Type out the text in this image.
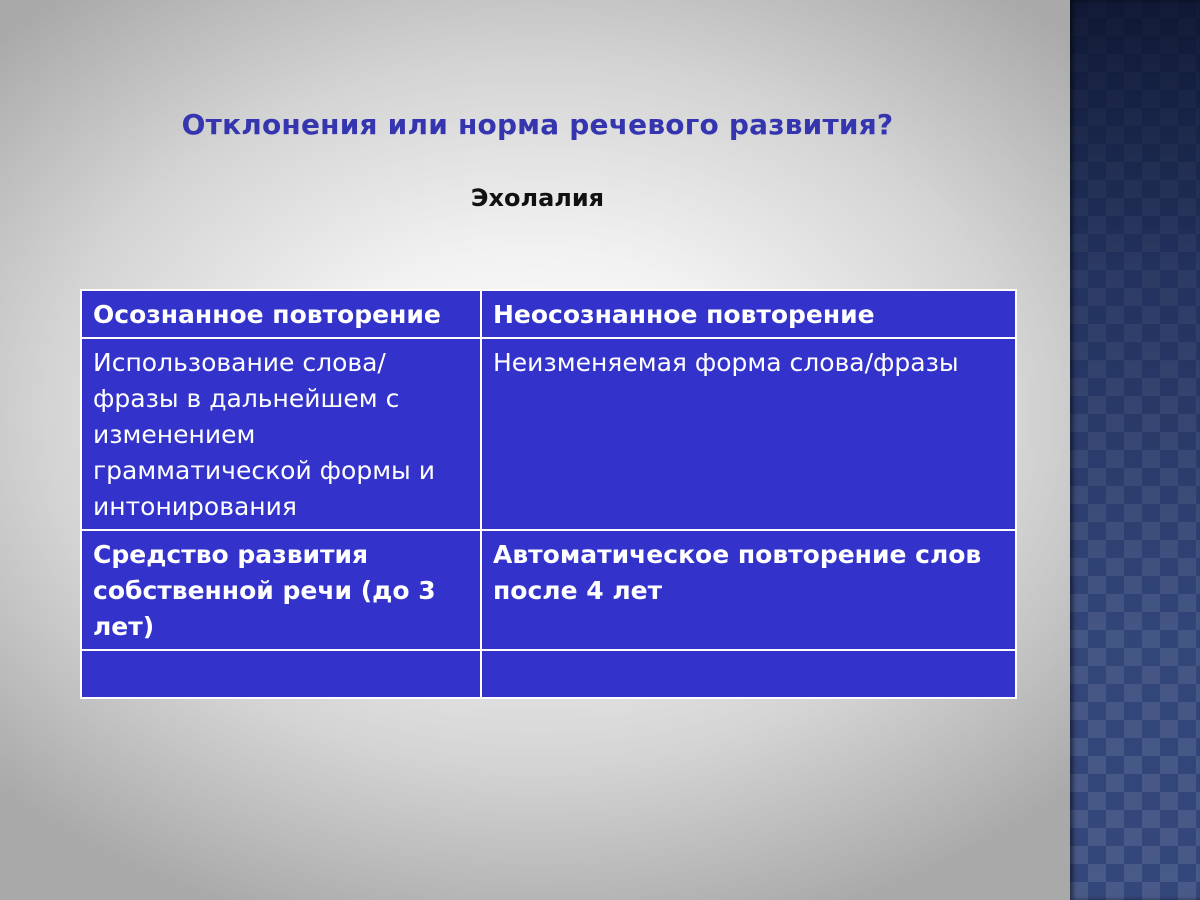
Отклонения или норма речевого развития?
Эхолалия
Осознанное повторение	Неосознанное повторение
Использование слова/фразы в дальнейшем с изменением грамматической формы и интонирования	Неизменяемая форма слова/фразы
Средство развития собственной речи (до 3 лет)	Автоматическое повторение слов после 4 лет
